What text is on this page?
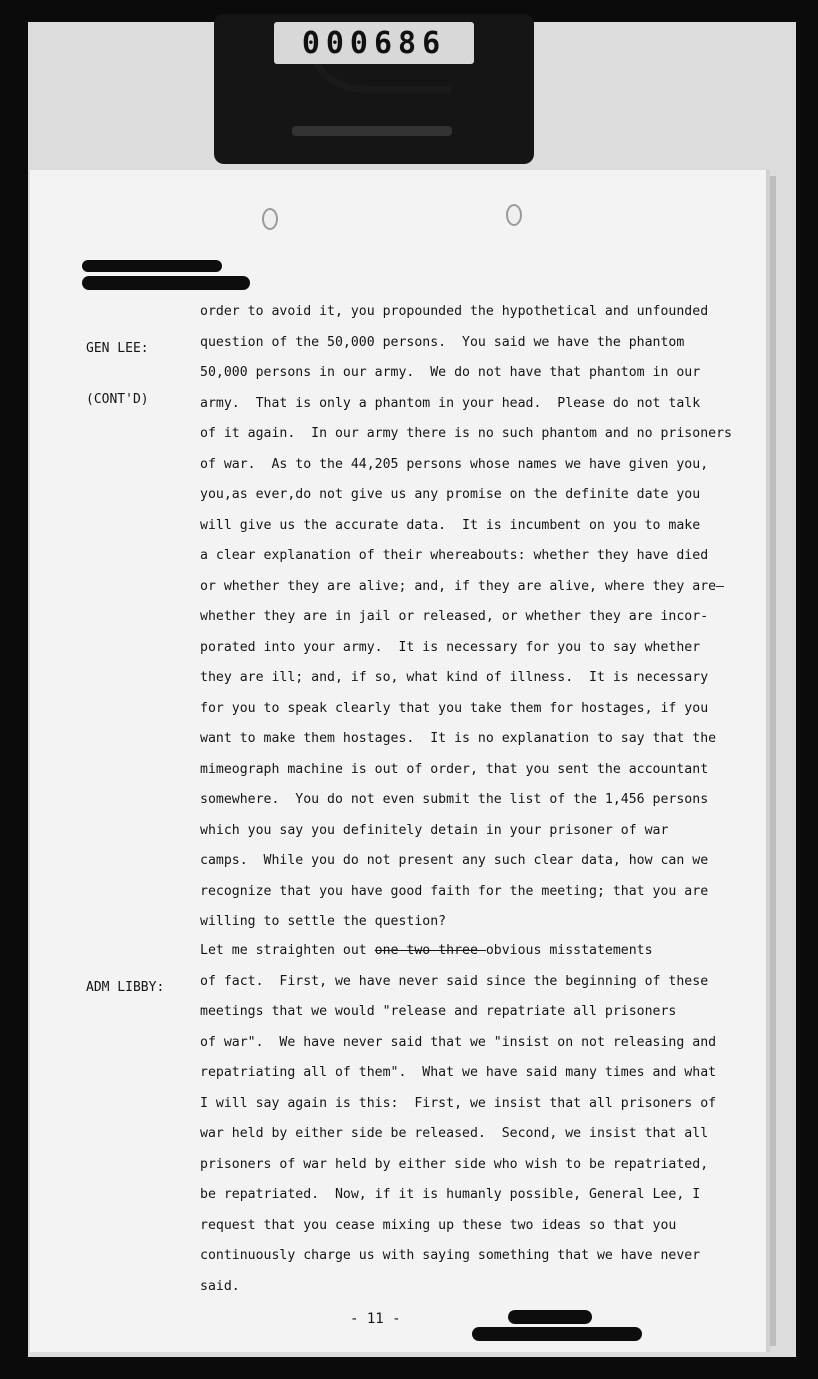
000686

GEN LEE:

(CONT'D)

order to avoid it, you propounded the hypothetical and unfounded
question of the 50,000 persons.  You said we have the phantom
50,000 persons in our army.  We do not have that phantom in our
army.  That is only a phantom in your head.  Please do not talk
of it again.  In our army there is no such phantom and no prisoners
of war.  As to the 44,205 persons whose names we have given you,
you,as ever,do not give us any promise on the definite date you
will give us the accurate data.  It is incumbent on you to make
a clear explanation of their whereabouts: whether they have died
or whether they are alive; and, if they are alive, where they are—
whether they are in jail or released, or whether they are incor-
porated into your army.  It is necessary for you to say whether
they are ill; and, if so, what kind of illness.  It is necessary
for you to speak clearly that you take them for hostages, if you
want to make them hostages.  It is no explanation to say that the
mimeograph machine is out of order, that you sent the accountant
somewhere.  You do not even submit the list of the 1,456 persons
which you say you definitely detain in your prisoner of war
camps.  While you do not present any such clear data, how can we
recognize that you have good faith for the meeting; that you are
willing to settle the question?

ADM LIBBY:

Let me straighten out one—two—three—obvious misstatements
of fact.  First, we have never said since the beginning of these
meetings that we would "release and repatriate all prisoners
of war".  We have never said that we "insist on not releasing and
repatriating all of them".  What we have said many times and what
I will say again is this:  First, we insist that all prisoners of
war held by either side be released.  Second, we insist that all
prisoners of war held by either side who wish to be repatriated,
be repatriated.  Now, if it is humanly possible, General Lee, I
request that you cease mixing up these two ideas so that you
continuously charge us with saying something that we have never
said.
- 11 -
